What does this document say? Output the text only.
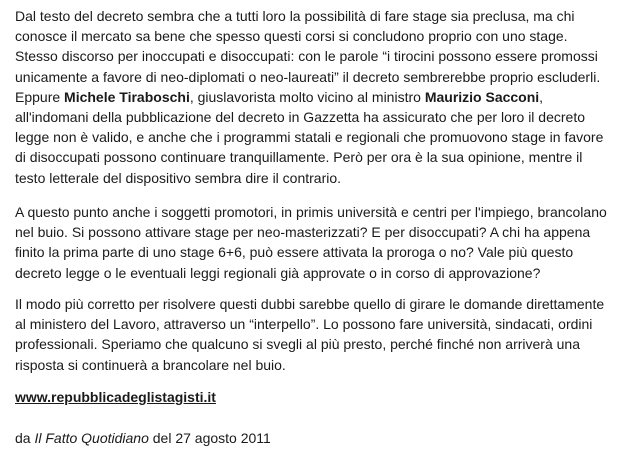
Dal testo del decreto sembra che a tutti loro la possibilità di fare stage sia preclusa, ma chi conosce il mercato sa bene che spesso questi corsi si concludono proprio con uno stage. Stesso discorso per inoccupati e disoccupati: con le parole “i tirocini possono essere promossi unicamente a favore di neo-diplomati o neo-laureati” il decreto sembrerebbe proprio escluderli. Eppure Michele Tiraboschi, giuslavorista molto vicino al ministro Maurizio Sacconi, all'indomani della pubblicazione del decreto in Gazzetta ha assicurato che per loro il decreto legge non è valido, e anche che i programmi statali e regionali che promuovono stage in favore di disoccupati possono continuare tranquillamente. Però per ora è la sua opinione, mentre il testo letterale del dispositivo sembra dire il contrario.

A questo punto anche i soggetti promotori, in primis università e centri per l'impiego, brancolano nel buio. Si possono attivare stage per neo-masterizzati? E per disoccupati? A chi ha appena finito la prima parte di uno stage 6+6, può essere attivata la proroga o no? Vale più questo decreto legge o le eventuali leggi regionali già approvate o in corso di approvazione?

Il modo più corretto per risolvere questi dubbi sarebbe quello di girare le domande direttamente al ministero del Lavoro, attraverso un “interpello”. Lo possono fare università, sindacati, ordini professionali. Speriamo che qualcuno si svegli al più presto, perché finché non arriverà una risposta si continuerà a brancolare nel buio.

www.repubblicadeglistagisti.it

da Il Fatto Quotidiano del 27 agosto 2011
